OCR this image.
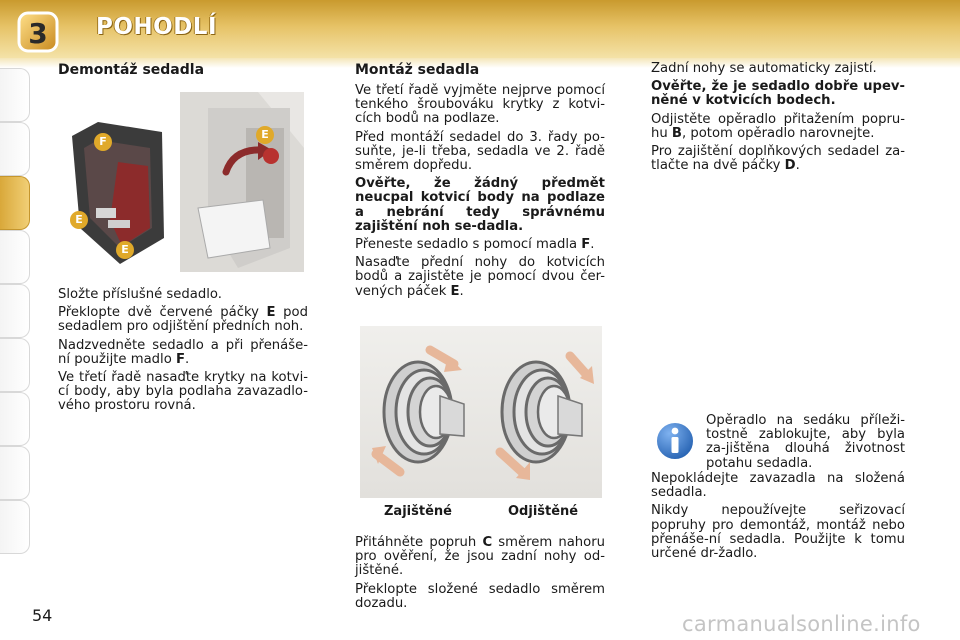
3 POHODLÍ
Demontáž sedadla
F
E
E
E

Složte příslušné sedadlo.

Překlopte dvě červené páčky E pod sedadlem pro odjištění předních noh.

Nadzvedněte sedadlo a při přenáše-ní použijte madlo F.

Ve třetí řadě nasaďte krytky na kotvi-cí body, aby byla podlaha zavazadlo-vého prostoru rovná.

Montáž sedadla

Ve třetí řadě vyjměte nejprve pomocí tenkého šroubováku krytky z kotvi-cích bodů na podlaze.

Před montáží sedadel do 3. řady po-suňte, je-li třeba, sedadla ve 2. řadě směrem dopředu.

Ověřte, že žádný předmět neucpal kotvicí body na podlaze a nebrání tedy správnému zajištění noh se-dadla.

Přeneste sedadlo s pomocí madla F.

Nasaďte přední nohy do kotvicích bodů a zajistěte je pomocí dvou čer-vených páček E.

Zajištěné	Odjištěné

Přitáhněte popruh C směrem nahoru pro ověření, že jsou zadní nohy od-jištěné.

Překlopte složené sedadlo směrem dozadu.

Zadní nohy se automaticky zajistí.

Ověřte, že je sedadlo dobře upev-něné v kotvicích bodech.

Odjistěte opěradlo přitažením popru-hu B, potom opěradlo narovnejte.

Pro zajištění doplňkových sedadel za-tlačte na dvě páčky D.

Opěradlo na sedáku příleži-tostně zablokujte, aby byla za-jištěna dlouhá životnost potahu sedadla.

Nepokládejte zavazadla na složená sedadla.

Nikdy nepoužívejte seřizovací popruhy pro demontáž, montáž nebo přenáše-ní sedadla. Použijte k tomu určené dr-žadlo.

54	carmanualsonline.info
